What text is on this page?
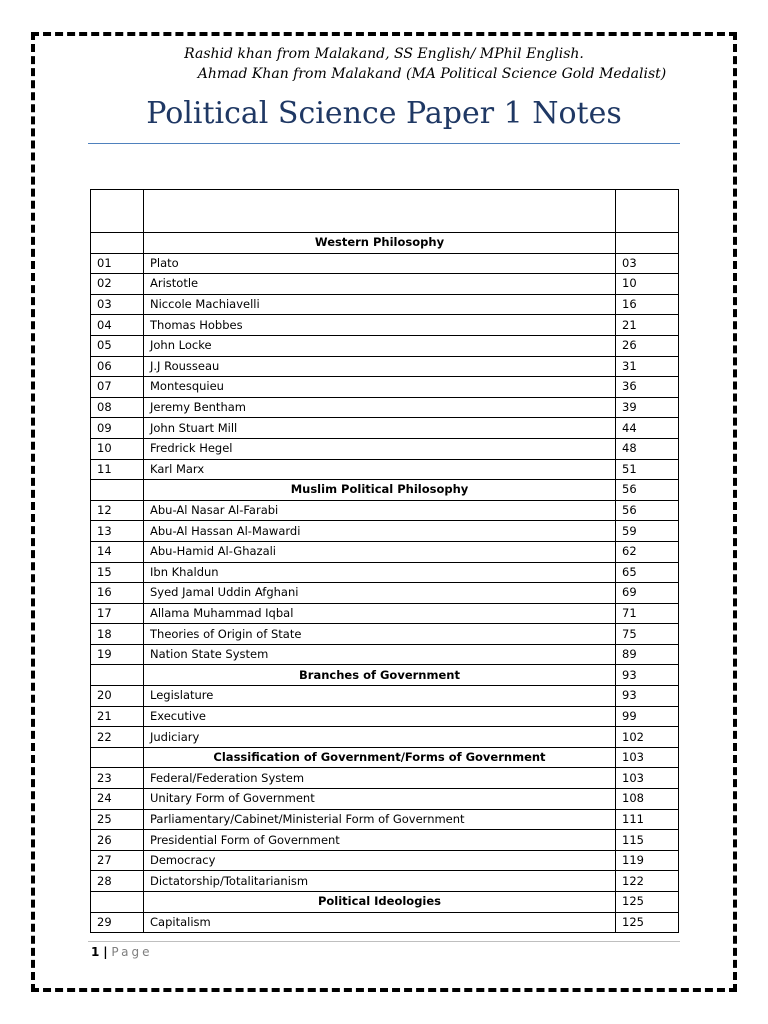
Rashid khan from Malakand, SS English/ MPhil English.
Ahmad Khan from Malakand (MA Political Science Gold Medalist)
Political Science Paper 1 Notes

	Western Philosophy	
01	Plato	03
02	Aristotle	10
03	Niccole Machiavelli	16
04	Thomas Hobbes	21
05	John Locke	26
06	J.J Rousseau	31
07	Montesquieu	36
08	Jeremy Bentham	39
09	John Stuart Mill	44
10	Fredrick Hegel	48
11	Karl Marx	51
	Muslim Political Philosophy	56
12	Abu-Al Nasar Al-Farabi	56
13	Abu-Al Hassan Al-Mawardi	59
14	Abu-Hamid Al-Ghazali	62
15	Ibn Khaldun	65
16	Syed Jamal Uddin Afghani	69
17	Allama Muhammad Iqbal	71
18	Theories of Origin of State	75
19	Nation State System	89
	Branches of Government	93
20	Legislature	93
21	Executive	99
22	Judiciary	102
	Classification of Government/Forms of Government	103
23	Federal/Federation System	103
24	Unitary Form of Government	108
25	Parliamentary/Cabinet/Ministerial Form of Government	111
26	Presidential Form of Government	115
27	Democracy	119
28	Dictatorship/Totalitarianism	122
	Political Ideologies	125
29	Capitalism	125
1 | Page
